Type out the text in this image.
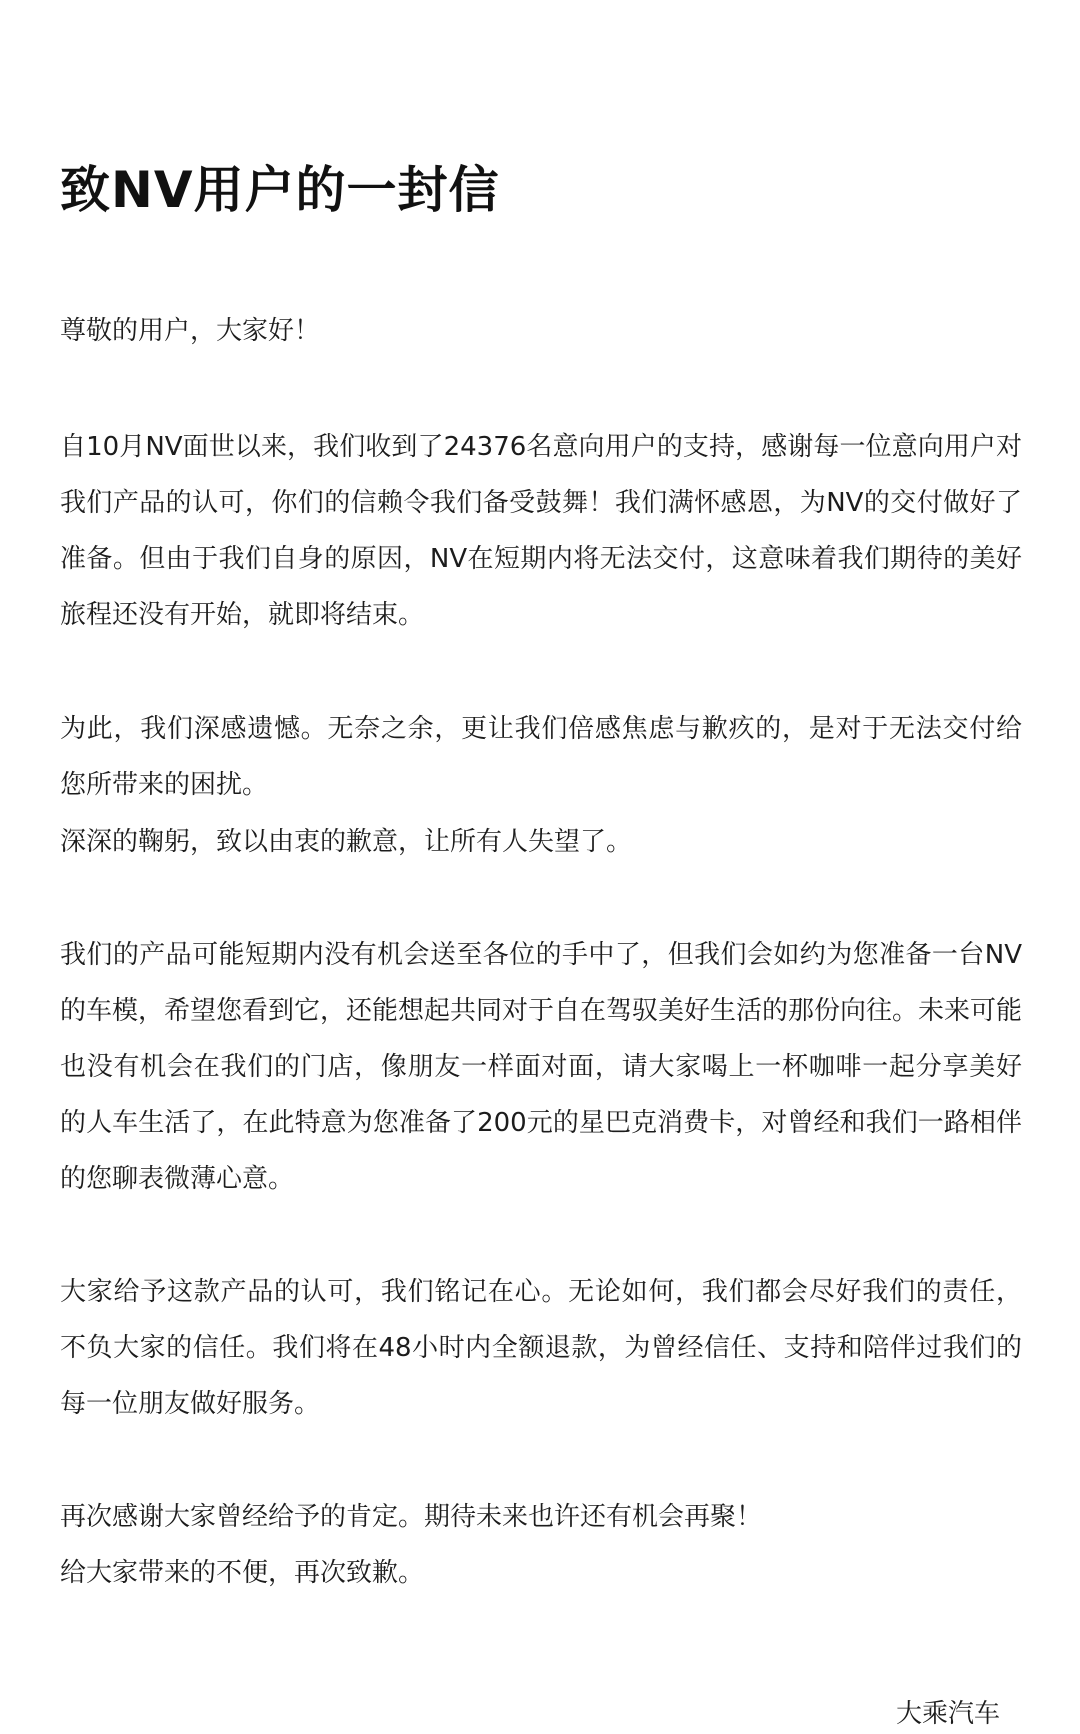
致NV用户的一封信

尊敬的用户，大家好！

自10月NV面世以来，我们收到了24376名意向用户的支持，感谢每一位意向用户对

我们产品的认可，你们的信赖令我们备受鼓舞！我们满怀感恩，为NV的交付做好了

准备。但由于我们自身的原因，NV在短期内将无法交付，这意味着我们期待的美好

旅程还没有开始，就即将结束。

为此，我们深感遗憾。无奈之余，更让我们倍感焦虑与歉疚的，是对于无法交付给

您所带来的困扰。

深深的鞠躬，致以由衷的歉意，让所有人失望了。

我们的产品可能短期内没有机会送至各位的手中了，但我们会如约为您准备一台NV

的车模，希望您看到它，还能想起共同对于自在驾驭美好生活的那份向往。未来可能

也没有机会在我们的门店，像朋友一样面对面，请大家喝上一杯咖啡一起分享美好

的人车生活了，在此特意为您准备了200元的星巴克消费卡，对曾经和我们一路相伴

的您聊表微薄心意。

大家给予这款产品的认可，我们铭记在心。无论如何，我们都会尽好我们的责任，

不负大家的信任。我们将在48小时内全额退款，为曾经信任、支持和陪伴过我们的

每一位朋友做好服务。

再次感谢大家曾经给予的肯定。期待未来也许还有机会再聚！

给大家带来的不便，再次致歉。

大乘汽车
